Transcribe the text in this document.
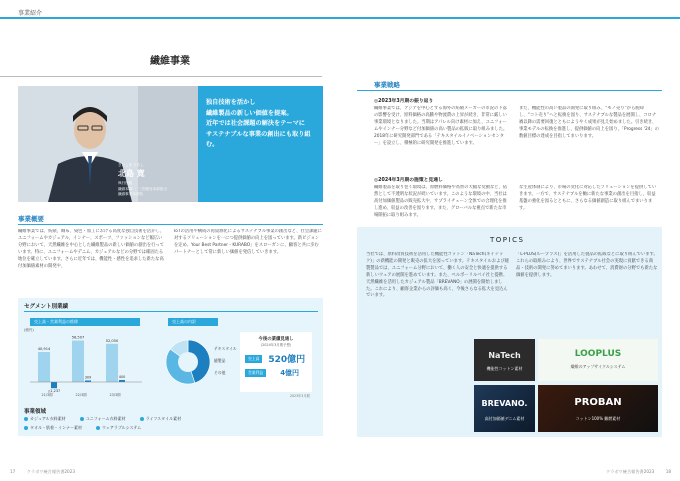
事業紹介
繊維事業
きたしま ひろし
北島 寛
執行役員
繊維本部 ・ 三次販売本部担当
繊維事業本部長
独自技術を活かし
繊維製品の新しい価値を提案。
近年では社会課題の解決をテーマに
サステナブルな事業の創出にも取り組む。
事業概要
繊維事業では、紡績、織布、染色・加工における高度な独自技術を活かし、ユニフォームやカジュアル、インナー、スポーツ、ファッションなど幅広い分野において、天然繊維を中心とした繊維製品の新しい価値の創出を行っています。特に、ユニフォームやデニム、カジュアルなどの分野では確固たる地位を確立しています。さらに近年では、機能性・感性を追求した新たな高付加価値素材の開発や、
IoTの活用や構成の再資源化によるサステナブル事業の創出など、社会課題に対するソリューションを一につ提供価値の向上を図っています。新ビジョンを定め、Your Best Partner - KURABO」をスローガンに、顧客と共に歩むパートナーとして常に新しい価値を発信していきます。
セグメント別業績
売上高・営業利益の推移
(億円)
40,914
△1,237
21/3期
56,507
309
22/3期
52,050
400
23/3期
売上高の内訳
テキスタイル
縫製品
その他
今後の業績見通し
(2024年3月期予想)
売上高	520億円
営業利益	4億円
2023年3月期
事業領域
カジュアル衣料素材	ユニフォーム衣料素材	ライフスタイル素材
タオル・肌着・インナー素材	ウェアラブルシステム
事業戦略
◎2023年3月期の振り返り
繊維事業では、アジアを中心とする海外の紡績メーカーの市況の下落の影響を受け、原料価格の高騰や物流費の上昇が続き、非常に厳しい事業環境となりました。当期はアパレル向け素材に加え、ユニフォームやインナー分野など付加価値の高い製品の拡販に取り組みました。2018年に研究開発部門である「テキスタイルイノベーションセンター」を設立し、積極的に研究開発を推進しています。
また、機能性の高い製品の開発に取り組み、“モノ売り”から脱却し、“コト売り”へと転換を図り、サステナブルな製品を展開し、コロナ禍以降の需要回復とともにようやく成果が見え始めました。引き続き、事業モデルの転換を推進し、提供価値の向上を図り、「Progress '24」の数値目標の達成を目指してまいります。
◎2024年3月期の施策と見通し
繊維製品を取り巻く環境は、原燃料価格や為替の大幅な変動など、依然として不透明な状況が続いています。このような環境の中、当社は高付加価値製品の販売拡大や、サプライチェーン全体での合理化を推し進め、収益の改善を図ります。また、グローバルな視点で新たな市場開拓に取り組みます。
な生産体制により、市場の変化に対応したソリューションを提供していきます。一方で、サステナブルを軸に新たな事業の創出を目指し、収益基盤の強化を図るとともに、さらなる価値創造に取り組んでまいります。
TOPICS
当社では、原料改質技術を活用した機能性コットン「NaTech(ネイテック)」の新機能の開発と販売の拡大を図っています。テキスタイルおよび縫製製品では、ユニフォーム分野において、働く人の安全と快適を提供する新しいウェアの展開を進めています。また、ペルポーリルベイ社と提携、天然繊維を活用したカジュアル製品「BREVANO」の展開を開始しました。これにより、顧客企業からの評価も高く、今後さらなる拡大を見込んでいます。
「L-PLUS(ループラス)」を活用した製品の拡販などに取り組んでいます。これらの取組みにより、世界でサステナブル社会の実現に貢献できる商品・技術の開発に努めてまいります。あわせて、消費財の分野でも新たな価値を提供します。
NaTech
機能性コットン素材
LOOPLUS
繊維のアップサイクルシステム
BREVANO.
高付加価値デニム素材
PROBAN
コットン100% 難燃素材
17	クラボウ統合報告書2023	クラボウ統合報告書2023	18
